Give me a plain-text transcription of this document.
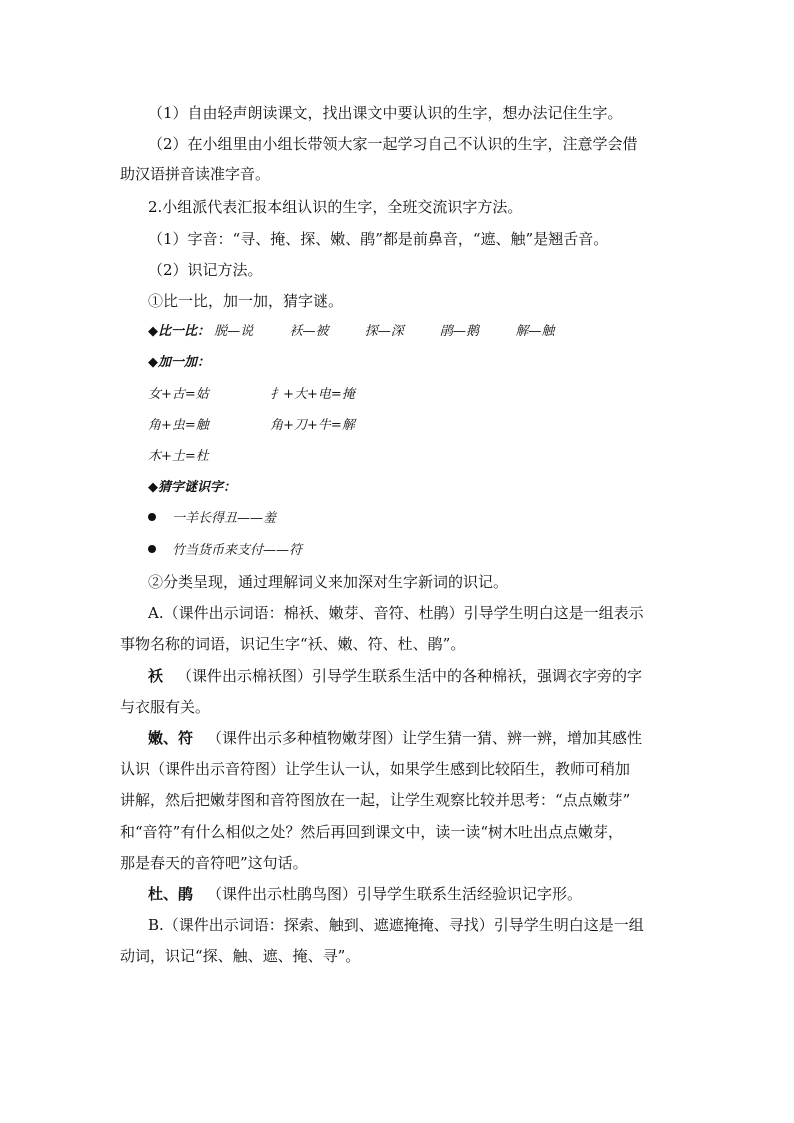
（1）自由轻声朗读课文，找出课文中要认识的生字，想办法记住生字。
（2）在小组里由小组长带领大家一起学习自己不认识的生字，注意学会借
助汉语拼音读准字音。
2.小组派代表汇报本组认识的生字，全班交流识字方法。
（1）字音：“寻、掩、探、嫩、鹃”都是前鼻音，“遮、触”是翘舌音。
（2）识记方法。
①比一比，加一加，猜字谜。
◆比一比： 脱—说	袄—被	探—深	鹃—鹅	解—触
◆加一加：
女+古=姑	扌+大+电=掩
角+虫=触	角+刀+牛=解
木+土=杜
◆猜字谜识字：
一羊长得丑——羞
竹当货币来支付——符
②分类呈现，通过理解词义来加深对生字新词的识记。
A.（课件出示词语：棉袄、嫩芽、音符、杜鹃）引导学生明白这是一组表示
事物名称的词语，识记生字“袄、嫩、符、杜、鹃”。
袄 （课件出示棉袄图）引导学生联系生活中的各种棉袄，强调衣字旁的字
与衣服有关。
嫩、符 （课件出示多种植物嫩芽图）让学生猜一猜、辨一辨，增加其感性
认识（课件出示音符图）让学生认一认，如果学生感到比较陌生，教师可稍加
讲解，然后把嫩芽图和音符图放在一起，让学生观察比较并思考：“点点嫩芽”
和“音符”有什么相似之处？然后再回到课文中，读一读“树木吐出点点嫩芽，
那是春天的音符吧”这句话。
杜、鹃 （课件出示杜鹃鸟图）引导学生联系生活经验识记字形。
B.（课件出示词语：探索、触到、遮遮掩掩、寻找）引导学生明白这是一组
动词，识记“探、触、遮、掩、寻”。
